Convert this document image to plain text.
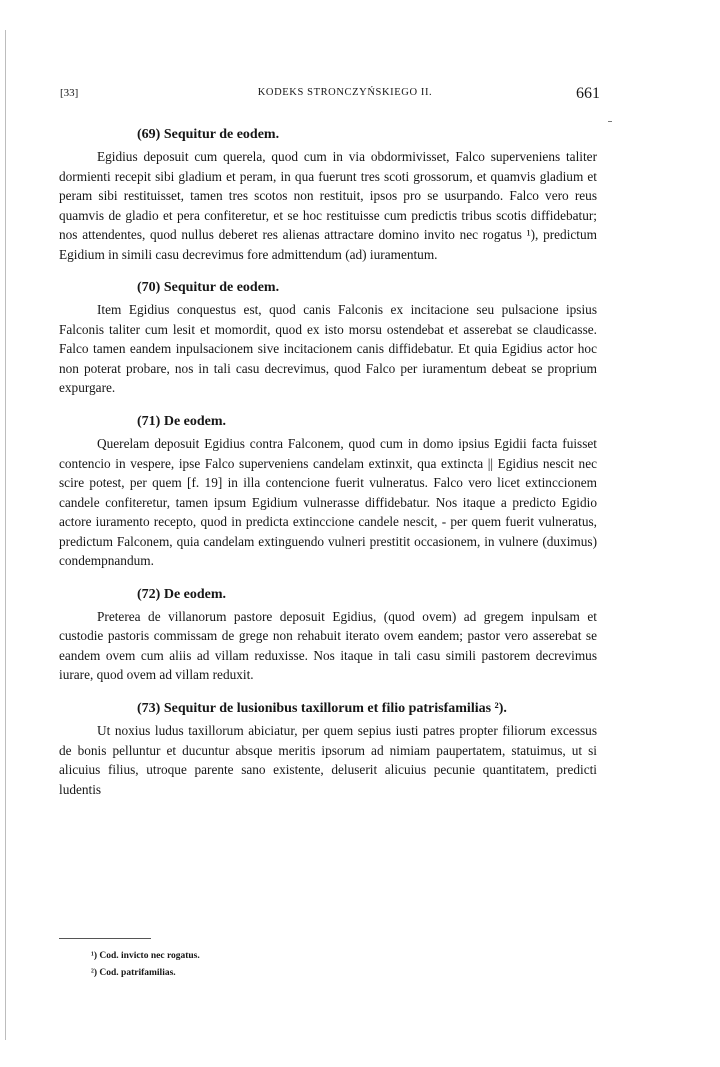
[33]	KODEKS STRONCZYŃSKIEGO II.	661
(69) Sequitur de eodem.

Egidius deposuit cum querela, quod cum in via obdormivisset, Falco superveniens taliter dormienti recepit sibi gladium et peram, in qua fuerunt tres scoti grossorum, et quamvis gladium et peram sibi restituisset, tamen tres scotos non restituit, ipsos pro se usurpando. Falco vero reus quamvis de gladio et pera confiteretur, et se hoc restituisse cum predictis tribus scotis diffidebatur; nos attendentes, quod nullus deberet res alienas attractare domino invito nec rogatus ¹), predictum Egidium in simili casu decrevimus fore admittendum (ad) iuramentum.

(70) Sequitur de eodem.

Item Egidius conquestus est, quod canis Falconis ex incitacione seu pulsacione ipsius Falconis taliter cum lesit et momordit, quod ex isto morsu ostendebat et asserebat se claudicasse. Falco tamen eandem inpulsacionem sive incitacionem canis diffidebatur. Et quia Egidius actor hoc non poterat probare, nos in tali casu decrevimus, quod Falco per iuramentum debeat se proprium expurgare.

(71) De eodem.

Querelam deposuit Egidius contra Falconem, quod cum in domo ipsius Egidii facta fuisset contencio in vespere, ipse Falco superveniens candelam extinxit, qua extincta || Egidius nescit nec scire potest, per quem [f. 19] in illa contencione fuerit vulneratus. Falco vero licet extinccionem candele confiteretur, tamen ipsum Egidium vulnerasse diffidebatur. Nos itaque a predicto Egidio actore iuramento recepto, quod in predicta extinccione candele nescit, - per quem fuerit vulneratus, predictum Falconem, quia candelam extinguendo vulneri prestitit occasionem, in vulnere (duximus) condempnandum.

(72) De eodem.

Preterea de villanorum pastore deposuit Egidius, (quod ovem) ad gregem inpulsam et custodie pastoris commissam de grege non rehabuit iterato ovem eandem; pastor vero asserebat se eandem ovem cum aliis ad villam reduxisse. Nos itaque in tali casu simili pastorem decrevimus iurare, quod ovem ad villam reduxit.

(73) Sequitur de lusionibus taxillorum et filio patrisfamilias ²).

Ut noxius ludus taxillorum abiciatur, per quem sepius iusti patres propter filiorum excessus de bonis pelluntur et ducuntur absque meritis ipsorum ad nimiam paupertatem, statuimus, ut si alicuius filius, utroque parente sano existente, deluserit alicuius pecunie quantitatem, predicti ludentis

¹) Cod. invicto nec rogatus.

²) Cod. patrifamilias.
